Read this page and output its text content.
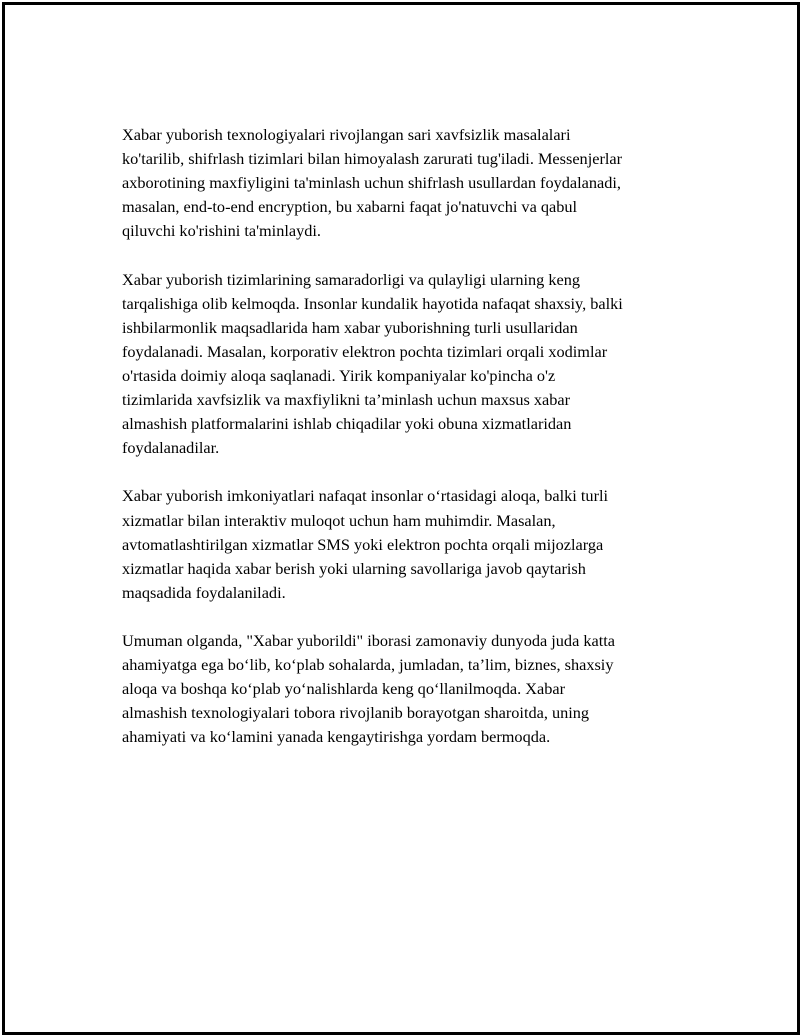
Xabar yuborish texnologiyalari rivojlangan sari xavfsizlik masalalari
ko'tarilib, shifrlash tizimlari bilan himoyalash zarurati tug'iladi. Messenjerlar
axborotining maxfiyligini ta'minlash uchun shifrlash usullardan foydalanadi,
masalan, end-to-end encryption, bu xabarni faqat jo'natuvchi va qabul
qiluvchi ko'rishini ta'minlaydi.

Xabar yuborish tizimlarining samaradorligi va qulayligi ularning keng
tarqalishiga olib kelmoqda. Insonlar kundalik hayotida nafaqat shaxsiy, balki
ishbilarmonlik maqsadlarida ham xabar yuborishning turli usullaridan
foydalanadi. Masalan, korporativ elektron pochta tizimlari orqali xodimlar
o'rtasida doimiy aloqa saqlanadi. Yirik kompaniyalar ko'pincha o'z
tizimlarida xavfsizlik va maxfiylikni ta’minlash uchun maxsus xabar
almashish platformalarini ishlab chiqadilar yoki obuna xizmatlaridan
foydalanadilar.

Xabar yuborish imkoniyatlari nafaqat insonlar o‘rtasidagi aloqa, balki turli
xizmatlar bilan interaktiv muloqot uchun ham muhimdir. Masalan,
avtomatlashtirilgan xizmatlar SMS yoki elektron pochta orqali mijozlarga
xizmatlar haqida xabar berish yoki ularning savollariga javob qaytarish
maqsadida foydalaniladi.

Umuman olganda, "Xabar yuborildi" iborasi zamonaviy dunyoda juda katta
ahamiyatga ega bo‘lib, ko‘plab sohalarda, jumladan, ta’lim, biznes, shaxsiy
aloqa va boshqa ko‘plab yo‘nalishlarda keng qo‘llanilmoqda. Xabar
almashish texnologiyalari tobora rivojlanib borayotgan sharoitda, uning
ahamiyati va ko‘lamini yanada kengaytirishga yordam bermoqda.
